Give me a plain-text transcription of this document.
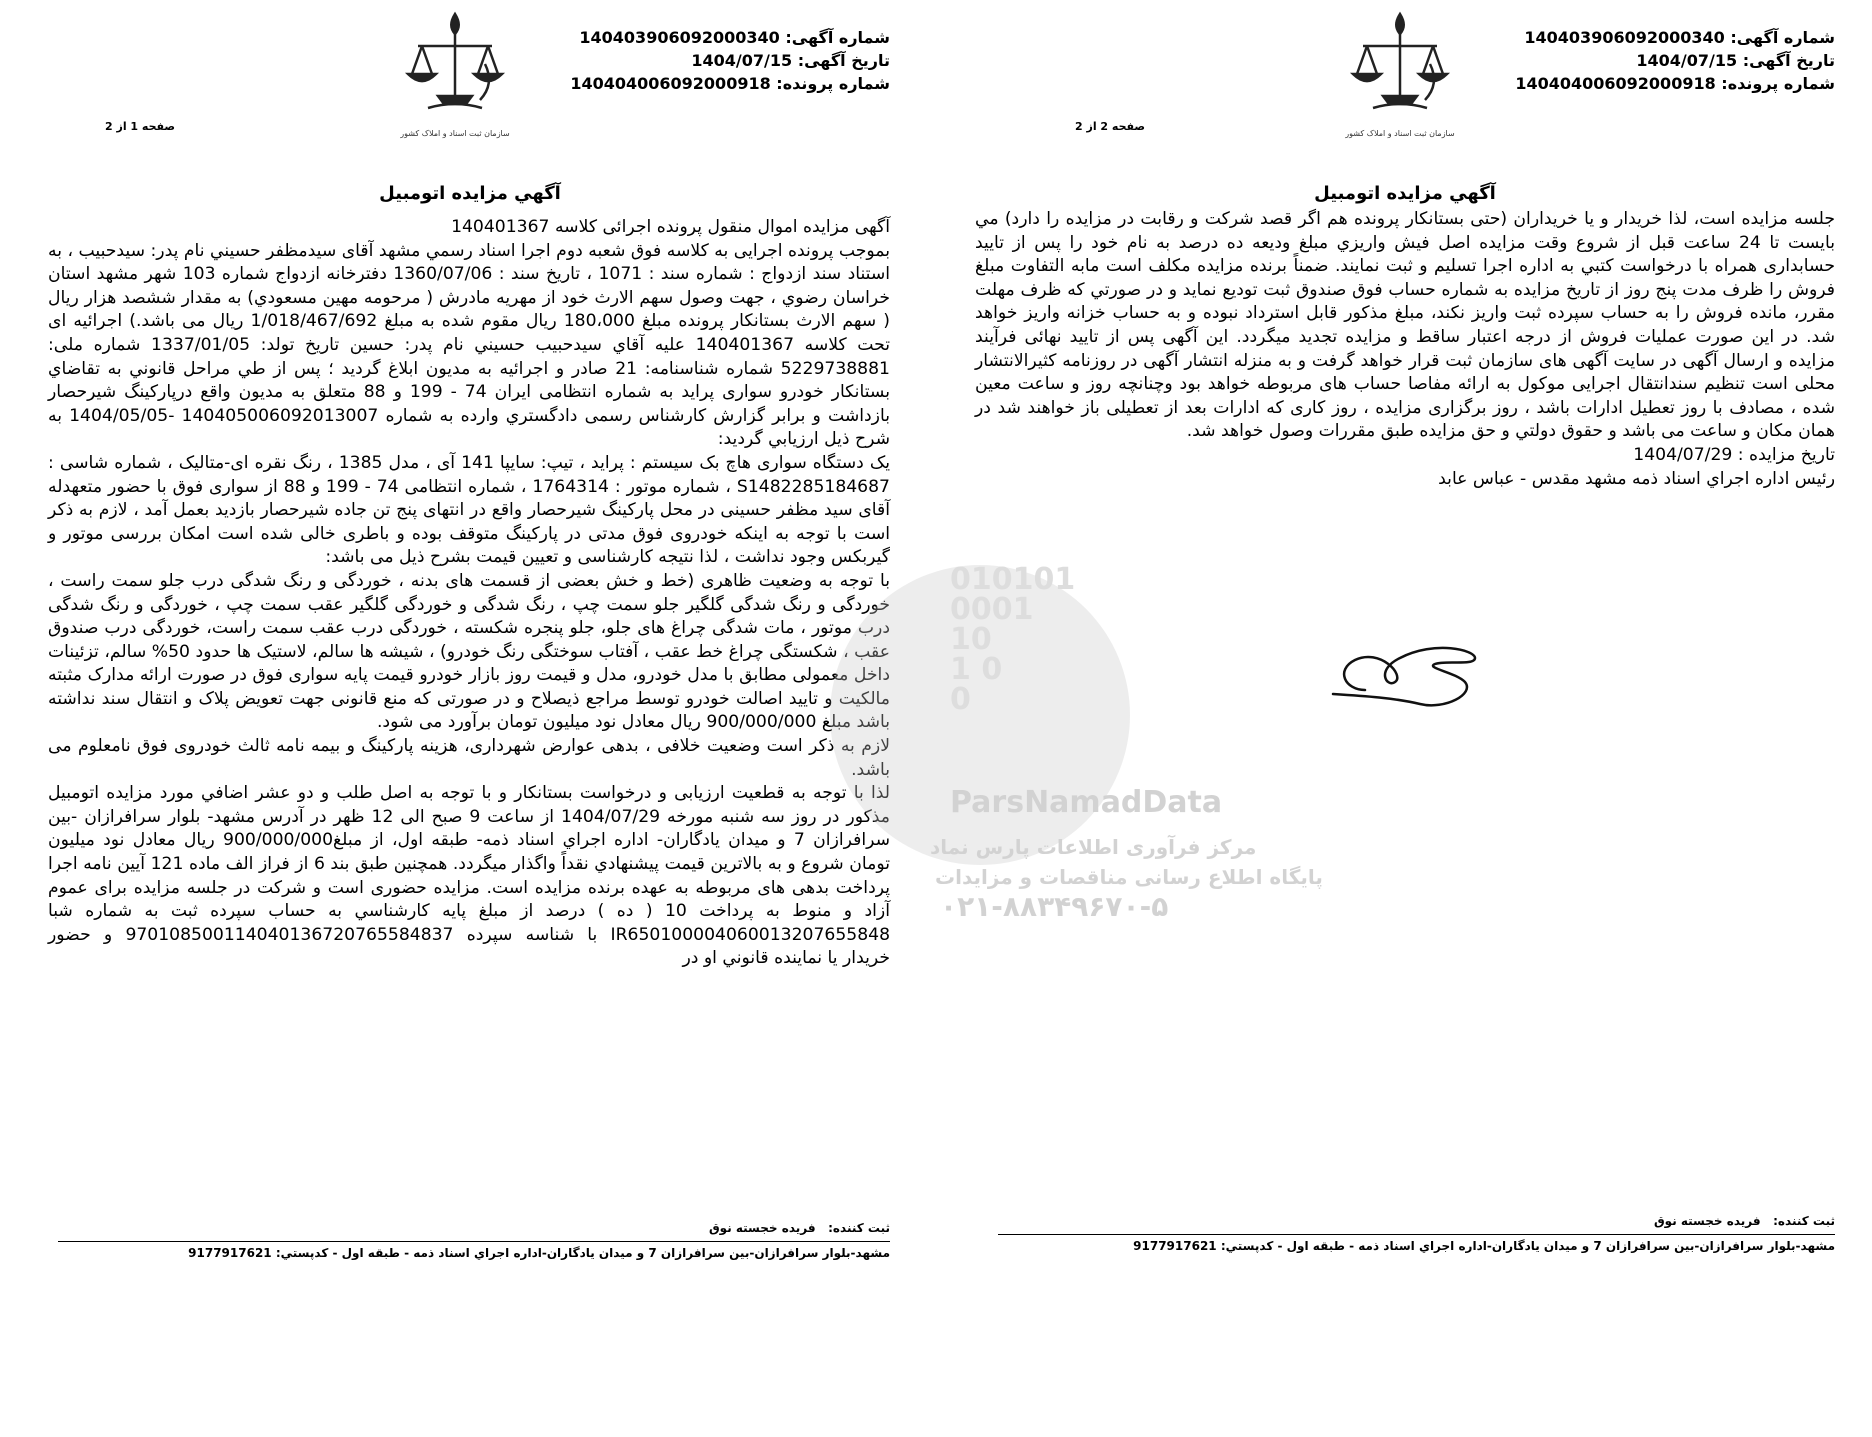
شماره آگهی: 140403906092000340
تاریخ آگهی: 1404/07/15
شماره پرونده: 140404006092000918
سازمان ثبت اسناد و املاک کشور
صفحه 1 از 2
آگهي مزايده اتومبيل

آگهی مزایده اموال منقول پرونده اجرائی کلاسه 140401367

بموجب پرونده اجرایی به کلاسه فوق شعبه دوم اجرا اسناد رسمي مشهد آقای سیدمظفر حسيني نام پدر: سیدحبیب ، به استناد سند ازدواج : شماره سند : 1071 ، تاریخ سند : 1360/07/06 دفترخانه ازدواج شماره 103 شهر مشهد استان خراسان رضوي ، جهت وصول سهم الارث خود از مهریه مادرش ( مرحومه مهين مسعودي) به مقدار ششصد هزار ریال ( سهم الارث بستانکار پرونده مبلغ 180،000 ريال مقوم شده به مبلغ 1/018/467/692 ریال می باشد.) اجرائیه ای تحت کلاسه 140401367 علیه آقاي سیدحبیب حسيني نام پدر: حسین تاریخ تولد: 1337/01/05 شماره ملی: 5229738881 شماره شناسنامه: 21 صادر و اجرائیه به مدیون ابلاغ گردید ؛ پس از طي مراحل قانوني به تقاضاي بستانکار خودرو سواری پراید به شماره انتظامی ایران 74 - 199 و 88 متعلق به مدیون واقع درپارکینگ شیرحصار بازداشت و برابر گزارش کارشناس رسمی دادگستري وارده به شماره 140405006092013007 -1404/05/05 به شرح ذیل ارزیابي گردید:

یک دستگاه سواری هاچ بک سیستم : پراید ، تیپ: سایپا 141 آی ، مدل 1385 ، رنگ نقره ای-متالیک ، شماره شاسی : S1482285184687 ، شماره موتور : 1764314 ، شماره انتظامی 74 - 199 و 88 از سواری فوق با حضور متعهدله آقای سید مظفر حسینی در محل پارکینگ شیرحصار واقع در انتهای پنج تن جاده شیرحصار بازدید بعمل آمد ، لازم به ذکر است با توجه به اینکه خودروی فوق مدتی در پارکینگ متوقف بوده و باطری خالی شده است امکان بررسی موتور و گیربکس وجود نداشت ، لذا نتیجه کارشناسی و تعیین قیمت بشرح ذیل می باشد:

با توجه به وضعیت ظاهری (خط و خش بعضی از قسمت های بدنه ، خوردگی و رنگ شدگی درب جلو سمت راست ، خوردگی و رنگ شدگی گلگیر جلو سمت چپ ، رنگ شدگی و خوردگی گلگیر عقب سمت چپ ، خوردگی و رنگ شدگی درب موتور ، مات شدگی چراغ های جلو، جلو پنجره شکسته ، خوردگی درب عقب سمت راست، خوردگی درب صندوق عقب ، شکستگی چراغ خط عقب ، آفتاب سوختگی رنگ خودرو) ، شیشه ها سالم، لاستیک ها حدود 50% سالم، تزئینات داخل معمولی مطابق با مدل خودرو، مدل و قیمت روز بازار خودرو قیمت پایه سواری فوق در صورت ارائه مدارک مثبته مالکیت و تایید اصالت خودرو توسط مراجع ذیصلاح و در صورتی که منع قانونی جهت تعویض پلاک و انتقال سند نداشته باشد مبلغ 900/000/000 ریال معادل نود میلیون تومان برآورد می شود.

لازم به ذکر است وضعیت خلافی ، بدهی عوارض شهرداری، هزینه پارکینگ و بیمه نامه ثالث خودروی فوق نامعلوم می باشد.

لذا با توجه به قطعیت ارزیابی و درخواست بستانکار و با توجه به اصل طلب و دو عشر اضافي مورد مزایده اتومبیل مذکور در روز سه شنبه مورخه 1404/07/29 از ساعت 9 صبح الی 12 ظهر در آدرس مشهد- بلوار سرافرازان -بین سرافرازان 7 و میدان یادگاران- اداره اجراي اسناد ذمه- طبقه اول، از مبلغ900/000/000 ریال معادل نود میلیون تومان شروع و به بالاترین قیمت پیشنهادي نقداً واگذار میگردد. همچنین طبق بند 6 از فراز الف ماده 121 آیین نامه اجرا پرداخت بدهی های مربوطه به عهده برنده مزایده است. مزایده حضوری است و شرکت در جلسه مزایده برای عموم آزاد و منوط به پرداخت 10 ( ده ) درصد از مبلغ پایه کارشناسي به حساب سپرده ثبت به شماره شبا IR650100004060013207655848 با شناسه سپرده 970108500114040136720765584837 و حضور خریدار یا نماینده قانوني او در

ثبت کننده:   فریده خجسته نوق
مشهد-بلوار سرافرازان-بين سرافرازان 7 و ميدان يادگاران-اداره اجراي اسناد ذمه - طبقه اول - کدپستي: 9177917621
شماره آگهی: 140403906092000340
تاریخ آگهی: 1404/07/15
شماره پرونده: 140404006092000918
سازمان ثبت اسناد و املاک کشور
صفحه 2 از 2
آگهي مزايده اتومبيل

جلسه مزایده است، لذا خریدار و یا خریداران (حتی بستانکار پرونده هم اگر قصد شرکت و رقابت در مزایده را دارد) مي بایست تا 24 ساعت قبل از شروع وقت مزایده اصل فیش واریزي مبلغ ودیعه ده درصد به نام خود را پس از تایید حسابداری همراه با درخواست کتبي به اداره اجرا تسلیم و ثبت نمایند. ضمناً برنده مزایده مکلف است مابه التفاوت مبلغ فروش را ظرف مدت پنج روز از تاریخ مزایده به شماره حساب فوق صندوق ثبت توديع نمايد و در صورتي كه ظرف مهلت مقرر، مانده فروش را به حساب سپرده ثبت واريز نكند، مبلغ مذکور قابل استرداد نبوده و به حساب خزانه واریز خواهد شد. در این صورت عملیات فروش از درجه اعتبار ساقط و مزایده تجدید میگردد. این آگهی پس از تایید نهائی فرآیند مزایده و ارسال آگهی در سایت آگهی های سازمان ثبت قرار خواهد گرفت و به منزله انتشار آگهی در روزنامه کثیرالانتشار محلی است تنظیم سندانتقال اجرایی موکول به ارائه مفاصا حساب های مربوطه خواهد بود وچنانچه روز و ساعت معین شده ، مصادف با روز تعطیل ادارات باشد ، روز برگزاری مزایده ، روز کاری که ادارات بعد از تعطیلی باز خواهند شد در همان مکان و ساعت می باشد و حقوق دولتي و حق مزایده طبق مقررات وصول خواهد شد.

تاریخ مزایده : 1404/07/29

رئیس اداره اجراي اسناد ذمه مشهد مقدس - عباس عابد

ثبت کننده:   فریده خجسته نوق
مشهد-بلوار سرافرازان-بين سرافرازان 7 و ميدان يادگاران-اداره اجراي اسناد ذمه - طبقه اول - کدپستي: 9177917621
010101
0001
10
1 0
0
ParsNamadData
مرکز فرآوری اطلاعات پارس نماد
پایگاه اطلاع رسانی مناقصات و مزایدات
۰۲۱-۸۸۳۴۹۶۷۰-۵
